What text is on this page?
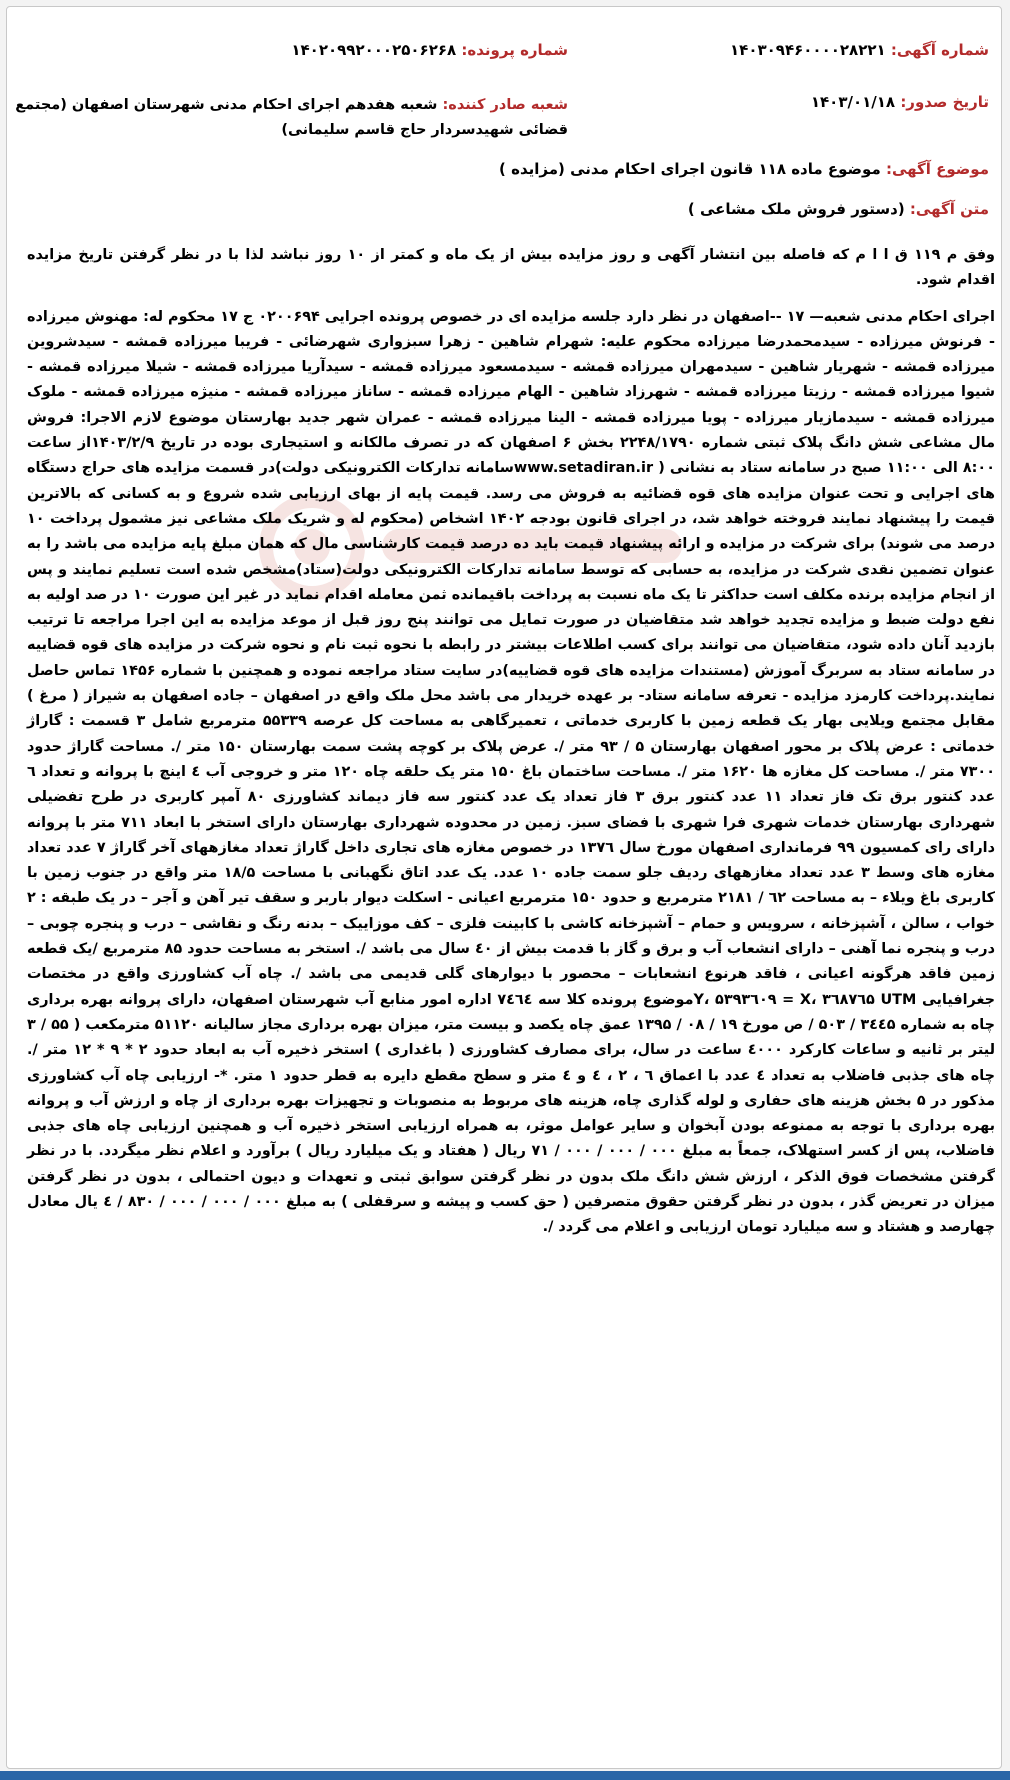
شماره آگهی: ۱۴۰۳۰۹۴۶۰۰۰۰۲۸۲۲۱
شماره پرونده: ۱۴۰۲۰۹۹۲۰۰۰۲۵۰۶۲۶۸
تاریخ صدور: ۱۴۰۳/۰۱/۱۸
شعبه صادر کننده: شعبه هفدهم اجرای احکام مدنی شهرستان اصفهان (مجتمع قضائی شهیدسردار حاج قاسم سلیمانی)
موضوع آگهی: موضوع ماده ۱۱۸ قانون اجرای احکام مدنی (مزایده )
متن آگهی: (دستور فروش ملک مشاعی )

وفق م ۱۱۹ ق ا ا م که فاصله بین انتشار آگهی و روز مزایده بیش از یک ماه و کمتر از ۱۰ روز نباشد لذا با در نظر گرفتن تاریخ مزایده اقدام شود.

اجرای احکام مدنی شعبه— ۱۷ --اصفهان در نظر دارد جلسه مزایده ای در خصوص پرونده اجرایی ۰۲۰۰۶۹۴ ج ۱۷ محکوم له: مهنوش میرزاده - فرنوش میرزاده - سیدمحمدرضا میرزاده محکوم علیه: شهرام شاهین - زهرا سبزواری شهرضائی - فریبا میرزاده قمشه - سیدشروین میرزاده قمشه - شهریار شاهین - سیدمهران میرزاده قمشه - سیدمسعود میرزاده قمشه - سیدآریا میرزاده قمشه - شیلا میرزاده قمشه - شیوا میرزاده قمشه - رزیتا میرزاده قمشه - شهرزاد شاهین - الهام میرزاده قمشه - ساناز میرزاده قمشه - منیژه میرزاده قمشه - ملوک میرزاده قمشه - سیدمازیار میرزاده - پویا میرزاده قمشه - الینا میرزاده قمشه - عمران شهر جدید بهارستان موضوع لازم الاجرا: فروش مال مشاعی شش دانگ پلاک ثبتی شماره ۲۲۴۸/۱۷۹۰ بخش ۶ اصفهان که در تصرف مالکانه و استیجاری بوده در تاریخ ۱۴۰۳/۲/۹از ساعت ۸:۰۰ الی ۱۱:۰۰ صبح در سامانه ستاد به نشانی ( www.setadiran.irسامانه تدارکات الکترونیکی دولت)در قسمت مزایده های حراج دستگاه های اجرایی و تحت عنوان مزایده های قوه قضائیه به فروش می رسد. قیمت پایه از بهای ارزیابی شده شروع و به کسانی که بالاترین قیمت را پیشنهاد نمایند فروخته خواهد شد، در اجرای قانون بودجه ۱۴۰۲ اشخاص (محکوم له و شریک ملک مشاعی نیز مشمول پرداخت ۱۰ درصد می شوند) برای شرکت در مزایده و ارائه پیشنهاد قیمت باید ده درصد قیمت کارشناسی مال که همان مبلغ پایه مزایده می باشد را به عنوان تضمین نقدی شرکت در مزایده، به حسابی که توسط سامانه تدارکات الکترونیکی دولت(ستاد)مشخص شده است تسلیم نمایند و پس از انجام مزایده برنده مکلف است حداکثر تا یک ماه نسبت به پرداخت باقیمانده ثمن معامله اقدام نماید در غیر این صورت ۱۰ در صد اولیه به نفع دولت ضبط و مزایده تجدید خواهد شد متقاضیان در صورت تمایل می توانند پنج روز قبل از موعد مزایده به این اجرا مراجعه تا ترتیب بازدید آنان داده شود، متقاضیان می توانند برای کسب اطلاعات بیشتر در رابطه با نحوه ثبت نام و نحوه شرکت در مزایده های قوه قضاییه در سامانه ستاد به سربرگ آموزش (مستندات مزایده های قوه قضاییه)در سایت ستاد مراجعه نموده و همچنین با شماره ۱۴۵۶ تماس حاصل نمایند.پرداخت کارمزد مزایده - تعرفه سامانه ستاد- بر عهده خریدار می باشد محل ملک واقع در اصفهان – جاده اصفهان به شیراز ( مرغ ) مقابل مجتمع ویلایی بهار یک قطعه زمین با کاربری خدماتی ، تعمیرگاهی به مساحت کل عرصه ۵۵۳۳۹ مترمربع شامل ۳ قسمت : گاراژ خدماتی : عرض پلاک بر محور اصفهان بهارستان ۵ / ۹۳ متر /. عرض پلاک بر کوچه پشت سمت بهارستان ۱۵۰ متر /. مساحت گاراژ حدود ۷۳۰۰ متر /. مساحت کل مغازه ها ۱۶۲۰ متر /. مساحت ساختمان باغ ۱۵۰ متر یک حلقه چاه ۱۲۰ متر و خروجی آب ٤ اینچ با پروانه و تعداد ٦ عدد کنتور برق تک فاز تعداد ۱۱ عدد کنتور برق ۳ فاز تعداد یک عدد کنتور سه فاز دیماند کشاورزی ۸۰ آمپر کاربری در طرح تفضیلی شهرداری بهارستان خدمات شهری فرا شهری با فضای سبز. زمین در محدوده شهرداری بهارستان دارای استخر با ابعاد ۷۱۱ متر با پروانه دارای رای کمسیون ۹۹ فرمانداری اصفهان مورخ سال ۱۳۷٦ در خصوص مغازه های تجاری داخل گاراژ تعداد مغازههای آخر گاراژ ۷ عدد تعداد مغازه های وسط ۳ عدد تعداد مغازههای ردیف جلو سمت جاده ۱۰ عدد. یک عدد اتاق نگهبانی با مساحت ۱۸/۵ متر واقع در جنوب زمین با کاربری باغ ویلاء – به مساحت ٦۲ / ۲۱۸۱ مترمربع و حدود ۱۵۰ مترمربع اعیانی - اسکلت دیوار باربر و سقف تیر آهن و آجر – در یک طبقه : ۲ خواب ، سالن ، آشپزخانه ، سرویس و حمام – آشپزخانه کاشی با کابینت فلزی – کف موزاییک – بدنه رنگ و نقاشی – درب و پنجره چوبی – درب و پنجره نما آهنی – دارای انشعاب آب و برق و گاز با قدمت بیش از ٤۰ سال می باشد /. استخر به مساحت حدود ۸۵ مترمربع /یک قطعه زمین فاقد هرگونه اعیانی ، فاقد هرنوع انشعابات – محصور با دیوارهای گلی قدیمی می باشد /. چاه آب کشاورزی واقع در مختصات جغرافیایی Y، ۵۳۹۳٦۰۹ = X، ۳٦۸۷٦۵ UTMموضوع پرونده کلا سه ۷٤٦٤ اداره امور منابع آب شهرستان اصفهان، دارای پروانه بهره برداری چاه به شماره ۳٤٤۵ / ۵۰۳ / ص مورخ ۱۹ / ۰۸ / ۱۳۹۵ عمق چاه یکصد و بیست متر، میزان بهره برداری مجاز سالیانه ۵۱۱۲۰ مترمکعب ( ۵۵ / ۳ لیتر بر ثانیه و ساعات کارکرد ٤۰۰۰ ساعت در سال، برای مصارف کشاورزی ( باغداری ) استخر ذخیره آب به ابعاد حدود ۲ * ۹ * ۱۲ متر /. چاه های جذبی فاضلاب به تعداد ٤ عدد با اعماق ٦ ، ۲ ، ٤ و ٤ متر و سطح مقطع دایره به قطر حدود ۱ متر. *- ارزیابی چاه آب کشاورزی مذکور در ۵ بخش هزینه های حفاری و لوله گذاری چاه، هزینه های مربوط به منصوبات و تجهیزات بهره برداری از چاه و ارزش آب و پروانه بهره برداری با توجه به ممنوعه بودن آبخوان و سایر عوامل موثر، به همراه ارزیابی استخر ذخیره آب و همچنین ارزیابی چاه های جذبی فاضلاب، پس از کسر استهلاک، جمعاً به مبلغ ۰۰۰ / ۰۰۰ / ۰۰۰ / ۷۱ ریال ( هفتاد و یک میلیارد ریال ) برآورد و اعلام نظر میگردد. با در نظر گرفتن مشخصات فوق الذکر ، ارزش شش دانگ ملک بدون در نظر گرفتن سوابق ثبتی و تعهدات و دیون احتمالی ، بدون در نظر گرفتن میزان در تعریض گذر ، بدون در نظر گرفتن حقوق متصرفین ( حق کسب و پیشه و سرقفلی ) به مبلغ ۰۰۰ / ۰۰۰ / ۰۰۰ / ۸۳۰ / ٤ یال معادل چهارصد و هشتاد و سه میلیارد تومان ارزیابی و اعلام می گردد /.
